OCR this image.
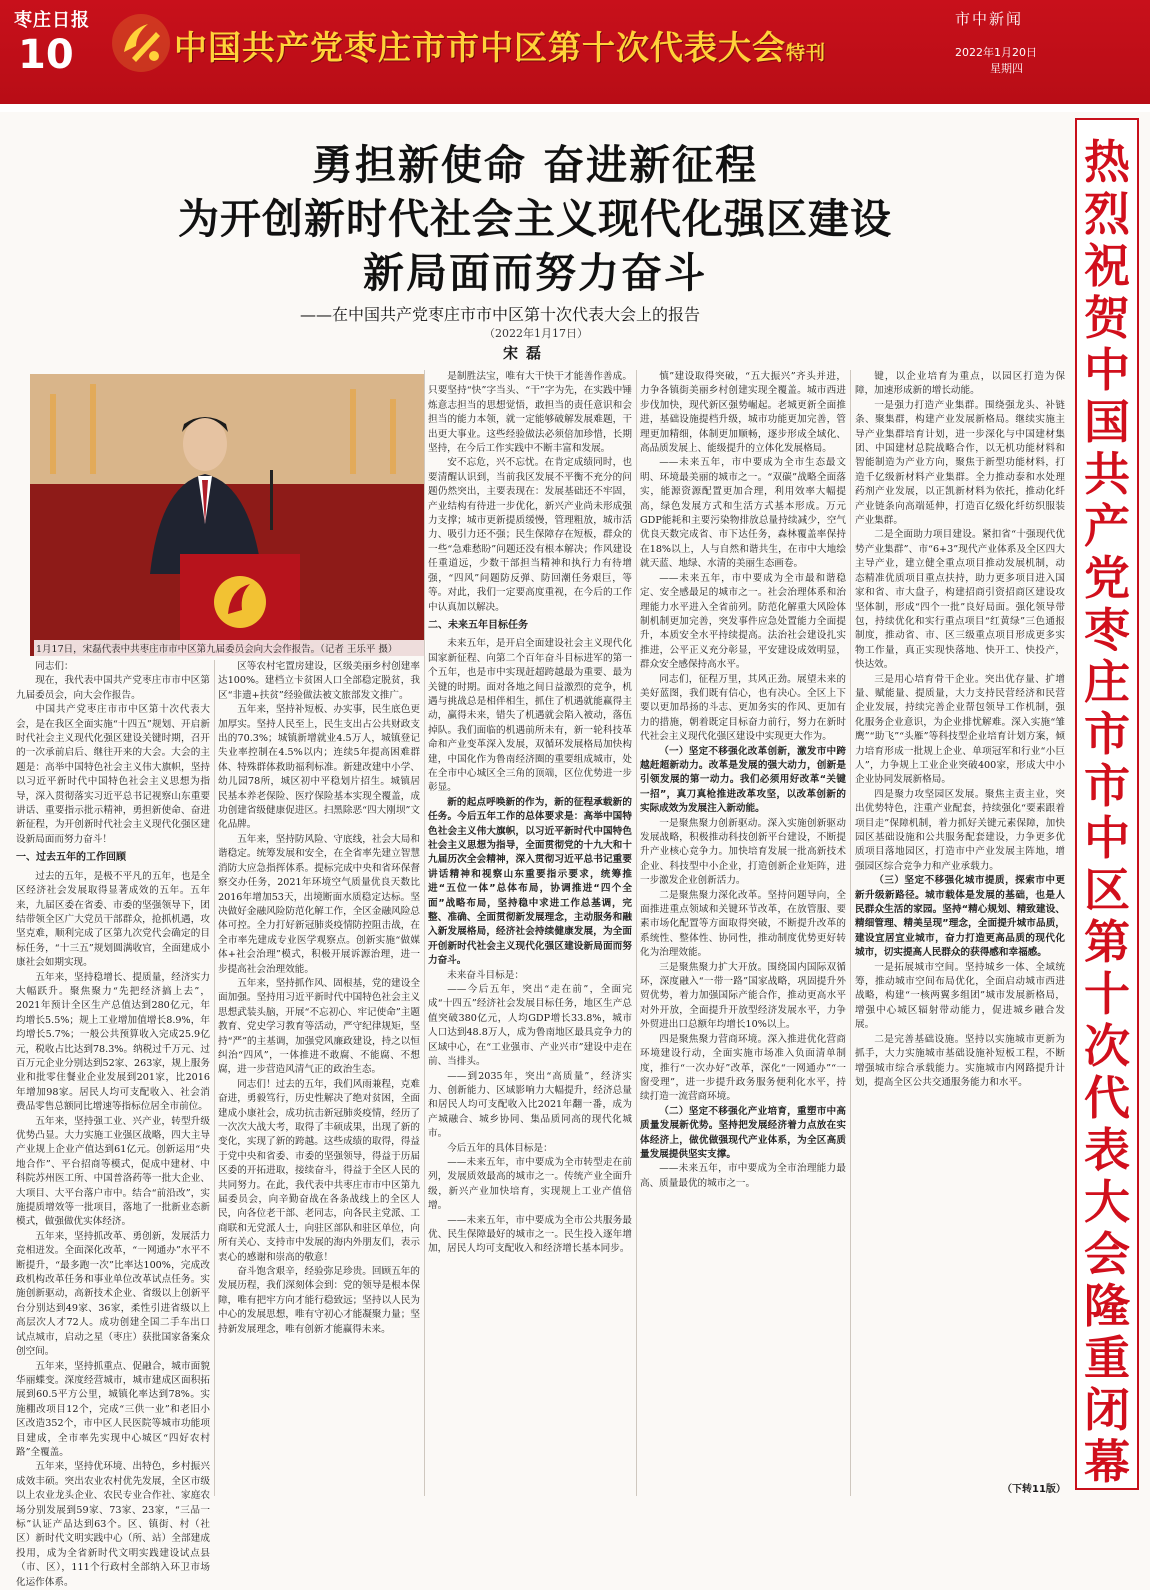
枣庄日报
10	中国共产党枣庄市市中区第十次代表大会特刊
市中新闻
2022年1月20日
星期四
勇担新使命 奋进新征程
为开创新时代社会主义现代化强区建设
新局面而努力奋斗
——在中国共产党枣庄市市中区第十次代表大会上的报告
（2022年1月17日）
宋磊
1月17日，宋磊代表中共枣庄市市中区第九届委员会向大会作报告。（记者 王乐平 摄）

同志们：

现在，我代表中国共产党枣庄市市中区第九届委员会，向大会作报告。

中国共产党枣庄市市中区第十次代表大会，是在我区全面实施“十四五”规划、开启新时代社会主义现代化强区建设关键时期，召开的一次承前启后、继往开来的大会。大会的主题是：高举中国特色社会主义伟大旗帜，坚持以习近平新时代中国特色社会主义思想为指导，深入贯彻落实习近平总书记视察山东重要讲话、重要指示批示精神，勇担新使命、奋进新征程，为开创新时代社会主义现代化强区建设新局面而努力奋斗！

一、过去五年的工作回顾

过去的五年，是极不平凡的五年，也是全区经济社会发展取得显著成效的五年。五年来，九届区委在省委、市委的坚强领导下，团结带领全区广大党员干部群众，抢抓机遇，攻坚克难，顺利完成了区第九次党代会确定的目标任务，“十三五”规划圆满收官，全面建成小康社会如期实现。

五年来，坚持稳增长、提质量，经济实力大幅跃升。聚焦聚力“先把经济搞上去”，2021年预计全区生产总值达到280亿元，年均增长5.5%；规上工业增加值增长8.9%，年均增长5.7%；一般公共预算收入完成25.9亿元，税收占比达到78.3%。纳税过千万元、过百万元企业分别达到52家、263家，规上服务业和批零住餐业企业发展到201家，比2016年增加98家。居民人均可支配收入、社会消费品零售总额同比增速等指标位居全市前位。

五年来，坚持强工业、兴产业，转型升级优势凸显。大力实施工业强区战略，四大主导产业规上企业产值达到61亿元。创新运用“央地合作”、平台招商等模式，促成中建材、中科院苏州医工所、中国普洛药等一批大企业、大项目、大平台落户市中。结合“前沿改”，实施提质增效等一批项目，落地了一批新业态新模式，做强做优实体经济。

五年来，坚持抓改革、勇创新，发展活力竞相迸发。全面深化改革，“一网通办”水平不断提升，“最多跑一次”比率达100%，完成改政机构改革任务和事业单位改革试点任务。实施创新驱动，高新技术企业、省级以上创新平台分别达到49家、36家，柔性引进省级以上高层次人才72人。成功创建全国二手车出口试点城市，启动之星（枣庄）获批国家备案众创空间。

五年来，坚持抓重点、促融合，城市面貌华丽蝶变。深度经营城市，城市建成区面积拓展到60.5平方公里，城镇化率达到78%。实施棚改项目12个，完成“三供一业”和老旧小区改造352个，市中区人民医院等城市功能项目建成，全市率先实现中心城区“四好农村路”全覆盖。

五年来，坚持优环境、出特色，乡村振兴成效丰硕。突出农业农村优先发展，全区市级以上农业龙头企业、农民专业合作社、家庭农场分别发展到59家、73家、23家，“三品一标”认证产品达到63个。区、镇街、村（社区）新时代文明实践中心（所、站）全部建成投用，成为全省新时代文明实践建设试点县（市、区），111个行政村全部纳入环卫市场化运作体系。

区等农村宅置房建设，区级美丽乡村创建率达100%。建档立卡贫困人口全部稳定脱贫，我区“非遗+扶贫”经验做法被文旅部发文推广。

五年来，坚持补短板、办实事，民生底色更加厚实。坚持人民至上，民生支出占公共财政支出的70.3%；城镇新增就业4.5万人，城镇登记失业率控制在4.5%以内；连续5年提高困难群体、特殊群体救助福利标准。新建改建中小学、幼儿园78所，城区初中平稳划片招生。城镇居民基本养老保险、医疗保险基本实现全覆盖，成功创建省级健康促进区。扫黑除恶“四大刚坝”文化品牌。

五年来，坚持防风险、守底线，社会大局和谐稳定。统筹发展和安全，在全省率先建立智慧消防大应急指挥体系。提标完成中央和省环保督察交办任务，2021年环境空气质量优良天数比2016年增加53天，出境断面水质稳定达标。坚决做好金融风险防范化解工作，全区金融风险总体可控。全力打好新冠肺炎疫情防控阻击战，在全市率先建成专业医学观察点。创新实施“做媒体+社会治理”模式，积极开展诉源治理，进一步提高社会治理效能。

五年来，坚持抓作风、固根基，党的建设全面加强。坚持用习近平新时代中国特色社会主义思想武装头脑，开展“不忘初心、牢记使命”主题教育、党史学习教育等活动，严守纪律规矩，坚持“严”的主基调，加强党风廉政建设，持之以恒纠治“四风”，一体推进不敢腐、不能腐、不想腐，进一步营造风清气正的政治生态。

同志们！过去的五年，我们风雨兼程，克难奋进，勇毅笃行，历史性解决了绝对贫困，全面建成小康社会，成功抗击新冠肺炎疫情，经历了一次次大战大考，取得了丰硕成果，出现了新的变化，实现了新的跨越。这些成绩的取得，得益于党中央和省委、市委的坚强领导，得益于历届区委的开拓进取，接续奋斗，得益于全区人民的共同努力。在此，我代表中共枣庄市市中区第九届委员会，向辛勤奋战在各条战线上的全区人民，向各位老干部、老同志，向各民主党派、工商联和无党派人士，向驻区部队和驻区单位，向所有关心、支持市中发展的海内外朋友们，表示衷心的感谢和崇高的敬意！

奋斗饱含艰辛，经验弥足珍贵。回顾五年的发展历程，我们深刻体会到：党的领导是根本保障，唯有把牢方向才能行稳致远；坚持以人民为中心的发展思想，唯有守初心才能凝聚力量；坚持新发展理念，唯有创新才能赢得未来。

是制胜法宝，唯有大干快干才能善作善成。只要坚持“快”字当头、“干”字为先，在实践中锤炼意志担当的思想觉悟，敢担当的责任意识和会担当的能力本领，就一定能够破解发展难题，干出更大事业。这些经验做法必须倍加珍惜，长期坚持，在今后工作实践中不断丰富和发展。

安不忘危，兴不忘忧。在肯定成绩同时，也要清醒认识到，当前我区发展不平衡不充分的问题仍然突出，主要表现在：发展基础还不牢固，产业结构有待进一步优化，新兴产业尚未形成强力支撑；城市更新提质缓慢，管理粗放，城市活力、吸引力还不强；民生保障存在短板，群众的一些“急难愁盼”问题还没有根本解决；作风建设任重道远，少数干部担当精神和执行力有待增强，“四风”问题防反弹、防回潮任务艰巨，等等。对此，我们一定要高度重视，在今后的工作中认真加以解决。

二、未来五年目标任务

未来五年，是开启全面建设社会主义现代化国家新征程、向第二个百年奋斗目标进军的第一个五年，也是市中实现赶超跨越最为重要、最为关键的时期。面对各地之间日益激烈的竞争，机遇与挑战总是相伴相生，抓住了机遇就能赢得主动，赢得未来，错失了机遇就会陷入被动，落伍掉队。我们面临的机遇前所未有，新一轮科技革命和产业变革深入发展，双循环发展格局加快构建，中国化作为鲁南经济圈的重要组成城市，处在全市中心城区全三角的顶端，区位优势进一步彰显。

新的起点呼唤新的作为，新的征程承载新的任务。今后五年工作的总体要求是：高举中国特色社会主义伟大旗帜，以习近平新时代中国特色社会主义思想为指导，全面贯彻党的十九大和十九届历次全会精神，深入贯彻习近平总书记重要讲话精神和视察山东重要指示要求，统筹推进“五位一体”总体布局，协调推进“四个全面”战略布局，坚持稳中求进工作总基调，完整、准确、全面贯彻新发展理念，主动服务和融入新发展格局，经济社会持续健康发展，为全面开创新时代社会主义现代化强区建设新局面而努力奋斗。

未来奋斗目标是：

——今后五年，突出“走在前”，全面完成“十四五”经济社会发展目标任务，地区生产总值突破380亿元，人均GDP增长33.8%，城市人口达到48.8万人，成为鲁南地区最具竞争力的区域中心，在“工业强市、产业兴市”建设中走在前、当排头。

——到2035年，突出“高质量”，经济实力、创新能力、区域影响力大幅提升，经济总量和居民人均可支配收入比2021年翻一番，成为产城融合、城乡协同、集品质同高的现代化城市。

今后五年的具体目标是：

——未来五年，市中要成为全市转型走在前列，发展质效最高的城市之一。传统产业全面升级，新兴产业加快培育，实现规上工业产值倍增。

——未来五年，市中要成为全市公共服务最优、民生保障最好的城市之一。民生投入逐年增加，居民人均可支配收入和经济增长基本同步。

慎”建设取得突破，“五大振兴”齐头并进，力争各镇街美丽乡村创建实现全覆盖。城市西进步伐加快，现代新区强势崛起。老城更新全面推进，基础设施提档升级，城市功能更加完善，管理更加精细，体制更加顺畅，逐步形成全域化、高品质发展上、能级提升的立体化发展格局。

——未来五年，市中要成为全市生态最文明、环境最美丽的城市之一。“双碳”战略全面落实，能源资源配置更加合理，利用效率大幅提高，绿色发展方式和生活方式基本形成。万元GDP能耗和主要污染物排放总量持续减少，空气优良天数完成省、市下达任务，森林覆盖率保持在18%以上，人与自然和谐共生，在市中大地绘就天蓝、地绿、水清的美丽生态画卷。

——未来五年，市中要成为全市最和谐稳定、安全感最足的城市之一。社会治理体系和治理能力水平进入全省前列。防范化解重大风险体制机制更加完善，突发事件应急处置能力全面提升，本质安全水平持续提高。法治社会建设扎实推进，公平正义充分彰显，平安建设成效明显，群众安全感保持高水平。

同志们，征程万里，其风正劲。展望未来的美好蓝图，我们既有信心，也有决心。全区上下要以更加昂扬的斗志、更加务实的作风、更加有力的措施，朝着既定目标奋力前行，努力在新时代社会主义现代化强区建设中实现更大作为。

（一）坚定不移强化改革创新，激发市中跨越赶超新动力。改革是发展的强大动力，创新是引领发展的第一动力。我们必须用好改革“关键一招”，真刀真枪推进改革攻坚，以改革创新的实际成效为发展注入新动能。

一是聚焦聚力创新驱动。深入实施创新驱动发展战略，积极推动科技创新平台建设，不断提升产业核心竞争力。加快培育发展一批高新技术企业、科技型中小企业，打造创新企业矩阵，进一步激发企业创新活力。

二是聚焦聚力深化改革。坚持问题导向，全面推进重点领域和关键环节改革，在放管服、要素市场化配置等方面取得突破，不断提升改革的系统性、整体性、协同性，推动制度优势更好转化为治理效能。

三是聚焦聚力扩大开放。围绕国内国际双循环，深度融入“一带一路”国家战略，巩固提升外贸优势，着力加强国际产能合作，推动更高水平对外开放，全面提升开放型经济发展水平，力争外贸进出口总额年均增长10%以上。

四是聚焦聚力营商环境。深入推进优化营商环境建设行动，全面实施市场准入负面清单制度，推行“一次办好”改革，深化“一网通办”“一窗受理”，进一步提升政务服务便利化水平，持续打造一流营商环境。

（二）坚定不移强化产业培育，重塑市中高质量发展新优势。坚持把发展经济着力点放在实体经济上，做优做强现代产业体系，为全区高质量发展提供坚实支撑。

——未来五年，市中要成为全市治理能力最高、质量最优的城市之一。

键，以企业培育为重点，以园区打造为保障，加速形成新的增长动能。

一是强力打造产业集群。围绕强龙头、补链条、聚集群，构建产业发展新格局。继续实施主导产业集群培育计划，进一步深化与中国建材集团、中国建材总院战略合作，以无机功能材料和智能制造为产业方向，聚焦于新型功能材料，打造千亿级新材料产业集群。全力推动泰和水处理药剂产业发展，以正凯新材料为依托，推动化纤产业链条向高端延伸，打造百亿级化纤纺织服装产业集群。

二是全面助力项目建设。紧扣省“十强现代优势产业集群”、市“6+3”现代产业体系及全区四大主导产业，建立健全重点项目推动发展机制，动态精准优质项目重点扶持，助力更多项目进入国家和省、市大盘子，构建招商引资招商区建设攻坚体制，形成“四个一批”良好局面。强化领导带包，持续优化和实行重点项目“红黄绿”三色通报制度，推动省、市、区三级重点项目形成更多实物工作量，真正实现快落地、快开工、快投产，快达效。

三是用心培育骨干企业。突出优存量、扩增量、赋能量、提质量，大力支持民营经济和民营企业发展，持续完善企业帮包领导工作机制，强化服务企业意识，为企业排忧解难。深入实施“雏鹰”“助飞”“头雁”等科技型企业培育计划方案，倾力培育形成一批规上企业、单项冠军和行业“小巨人”，力争规上工业企业突破400家，形成大中小企业协同发展新格局。

四是聚力攻坚园区发展。聚焦主责主业，突出优势特色，注重产业配套，持续强化“要素跟着项目走”保障机制，着力抓好关键元素保障，加快园区基础设施和公共服务配套建设，力争更多优质项目落地园区，打造市中产业发展主阵地，增强园区综合竞争力和产业承载力。

（三）坚定不移强化城市提质，探索市中更新升级新路径。城市载体是发展的基础，也是人民群众生活的家园。坚持“精心规划、精致建设、精细管理、精美呈现”理念，全面提升城市品质，建设宜居宜业城市，奋力打造更高品质的现代化城市，切实提高人民群众的获得感和幸福感。

一是拓展城市空间。坚持城乡一体、全域统筹，推动城市空间布局优化，全面启动城市西进战略，构建“一核两翼多组团”城市发展新格局，增强中心城区辐射带动能力，促进城乡融合发展。

二是完善基础设施。坚持以实施城市更新为抓手，大力实施城市基础设施补短板工程，不断增强城市综合承载能力。实施城市内网路提升计划，提高全区公共交通服务能力和水平。

（下转11版）
热
烈
祝
贺
中
国
共
产
党
枣
庄
市
市
中
区
第
十
次
代
表
大
会
隆
重
闭
幕
